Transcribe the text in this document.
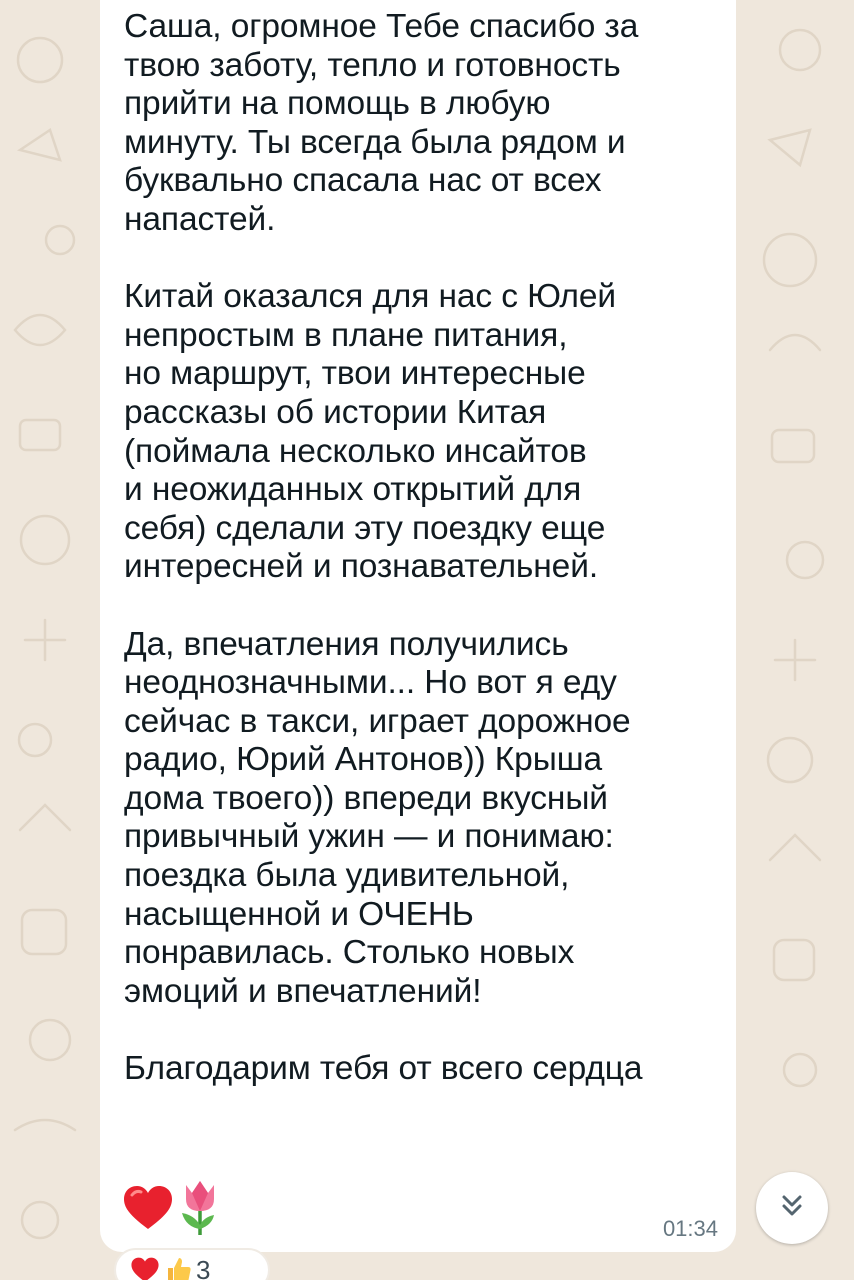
Саша, огромное Тебе спасибо за
твою заботу, тепло и готовность
прийти на помощь в любую
минуту. Ты всегда была рядом и
буквально спасала нас от всех
напастей.

Китай оказался для нас с Юлей
непростым в плане питания,
но маршрут, твои интересные
рассказы об истории Китая
(поймала несколько инсайтов
и неожиданных открытий для
себя) сделали эту поездку еще
интересней и познавательней.

Да, впечатления получились
неоднозначными... Но вот я еду
сейчас в такси, играет дорожное
радио, Юрий Антонов)) Крыша
дома твоего)) впереди вкусный
привычный ужин — и понимаю:
поездка была удивительной,
насыщенной и ОЧЕНЬ
понравилась. Столько новых
эмоций и впечатлений!

Благодарим тебя от всего сердца

01:34
3
